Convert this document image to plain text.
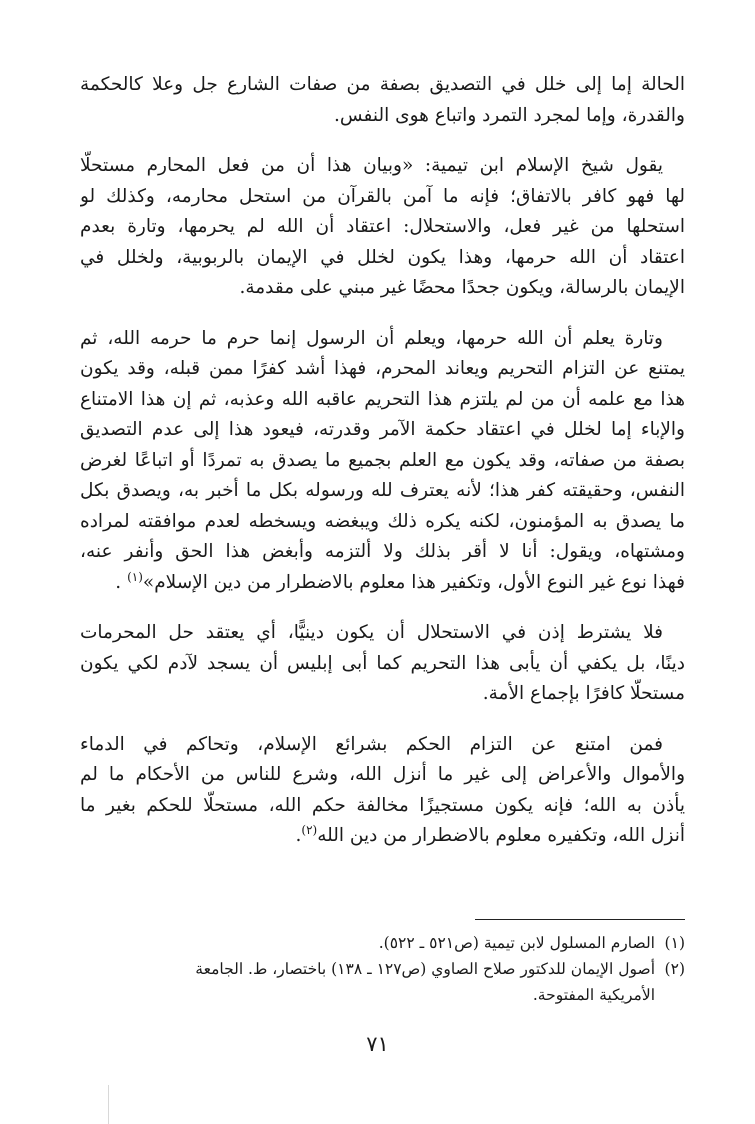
الحالة إما إلى خلل في التصديق بصفة من صفات الشارع جل وعلا كالحكمة
والقدرة، وإما لمجرد التمرد واتباع هوى النفس.

يقول شيخ الإسلام ابن تيمية: «وبيان هذا أن من فعل المحارم مستحلًّا
لها فهو كافر بالاتفاق؛ فإنه ما آمن بالقرآن من استحل محارمه، وكذلك لو
استحلها من غير فعل، والاستحلال: اعتقاد أن الله لم يحرمها، وتارة بعدم
اعتقاد أن الله حرمها، وهذا يكون لخلل في الإيمان بالربوبية، ولخلل في
الإيمان بالرسالة، ويكون جحدًا محضًا غير مبني على مقدمة.

وتارة يعلم أن الله حرمها، ويعلم أن الرسول إنما حرم ما حرمه الله، ثم
يمتنع عن التزام التحريم ويعاند المحرم، فهذا أشد كفرًا ممن قبله، وقد يكون
هذا مع علمه أن من لم يلتزم هذا التحريم عاقبه الله وعذبه، ثم إن هذا الامتناع
والإباء إما لخلل في اعتقاد حكمة الآمر وقدرته، فيعود هذا إلى عدم التصديق
بصفة من صفاته، وقد يكون مع العلم بجميع ما يصدق به تمردًا أو اتباعًا لغرض
النفس، وحقيقته كفر هذا؛ لأنه يعترف لله ورسوله بكل ما أخبر به، ويصدق بكل
ما يصدق به المؤمنون، لكنه يكره ذلك ويبغضه ويسخطه لعدم موافقته لمراده
ومشتهاه، ويقول: أنا لا أقر بذلك ولا ألتزمه وأبغض هذا الحق وأنفر عنه،
فهذا نوع غير النوع الأول، وتكفير هذا معلوم بالاضطرار من دين الإسلام»$^{(١)}$ .

فلا يشترط إذن في الاستحلال أن يكون دينيًّا، أي يعتقد حل المحرمات
دينًا، بل يكفي أن يأبى هذا التحريم كما أبى إبليس أن يسجد لآدم لكي يكون
مستحلًّا كافرًا بإجماع الأمة.

فمن امتنع عن التزام الحكم بشرائع الإسلام، وتحاكم في الدماء
والأموال والأعراض إلى غير ما أنزل الله، وشرع للناس من الأحكام ما لم
يأذن به الله؛ فإنه يكون مستجيزًا مخالفة حكم الله، مستحلًّا للحكم بغير ما
أنزل الله، وتكفيره معلوم بالاضطرار من دين الله$^{(٢)}$.

(١)الصارم المسلول لابن تيمية (ص٥٢١ ـ ٥٢٢).
(٢)أصول الإيمان للدكتور صلاح الصاوي (ص١٢٧ ـ ١٣٨) باختصار، ط. الجامعة
الأمريكية المفتوحة.
٧١
